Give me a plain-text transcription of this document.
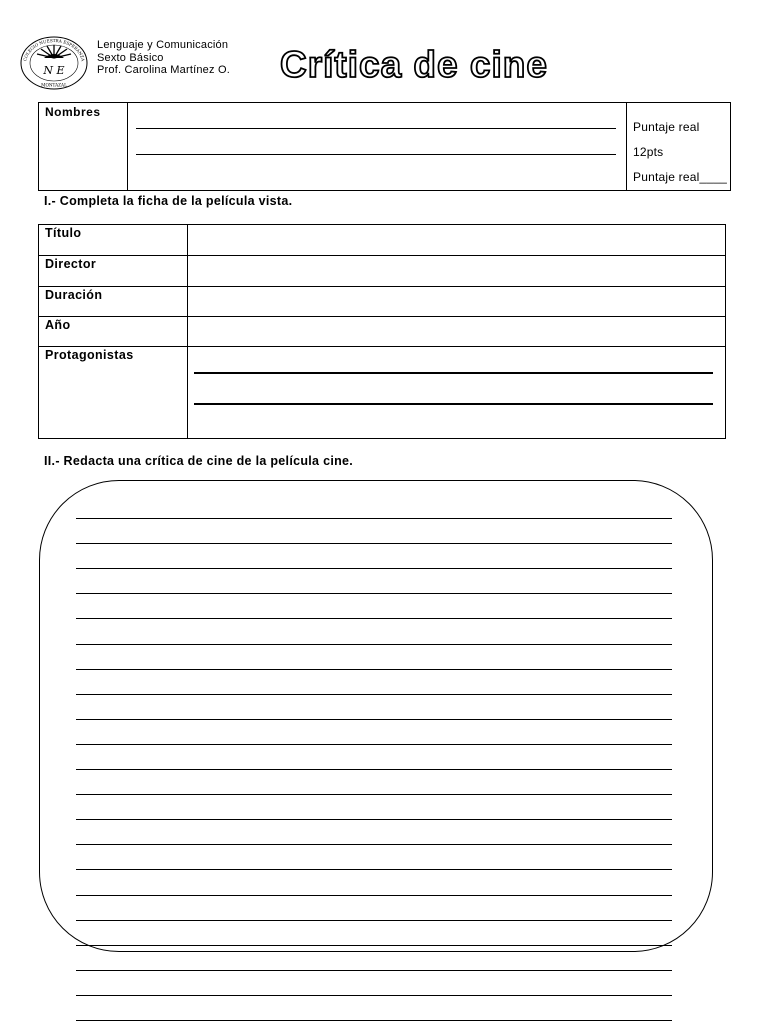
N E
COLEGIO NUESTRA ESPERANZA
MONTAZAL
Lenguaje y Comunicación
Sexto Básico
Prof. Carolina Martínez O. Crítica de cine
Nombres	

Puntaje real 12pts
Puntaje real____
I.- Completa la ficha de la película vista.
Título	
Director	
Duración	
Año	
Protagonistas	
II.- Redacta una crítica de cine de la película cine.
